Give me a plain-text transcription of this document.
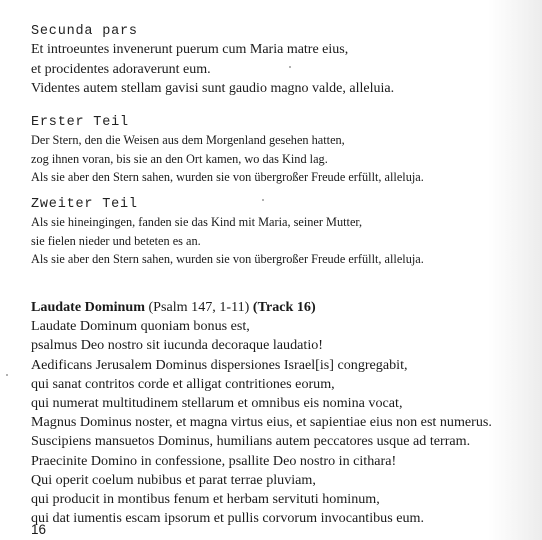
Secunda pars
Et introeuntes invenerunt puerum cum Maria matre eius,
et procidentes adoraverunt eum.
Videntes autem stellam gavisi sunt gaudio magno valde, alleluia.
Erster Teil
Der Stern, den die Weisen aus dem Morgenland gesehen hatten,
zog ihnen voran, bis sie an den Ort kamen, wo das Kind lag.
Als sie aber den Stern sahen, wurden sie von übergroßer Freude erfüllt, alleluja.
Zweiter Teil
Als sie hineingingen, fanden sie das Kind mit Maria, seiner Mutter,
sie fielen nieder und beteten es an.
Als sie aber den Stern sahen, wurden sie von übergroßer Freude erfüllt, alleluja.
Laudate Dominum (Psalm 147, 1-11) (Track 16)
Laudate Dominum quoniam bonus est,
psalmus Deo nostro sit iucunda decoraque laudatio!
Aedificans Jerusalem Dominus dispersiones Israel[is] congregabit,
qui sanat contritos corde et alligat contritiones eorum,
qui numerat multitudinem stellarum et omnibus eis nomina vocat,
Magnus Dominus noster, et magna virtus eius, et sapientiae eius non est numerus.
Suscipiens mansuetos Dominus, humilians autem peccatores usque ad terram.
Praecinite Domino in confessione, psallite Deo nostro in cithara!
Qui operit coelum nubibus et parat terrae pluviam,
qui producit in montibus fenum et herbam servituti hominum,
qui dat iumentis escam ipsorum et pullis corvorum invocantibus eum.
16
